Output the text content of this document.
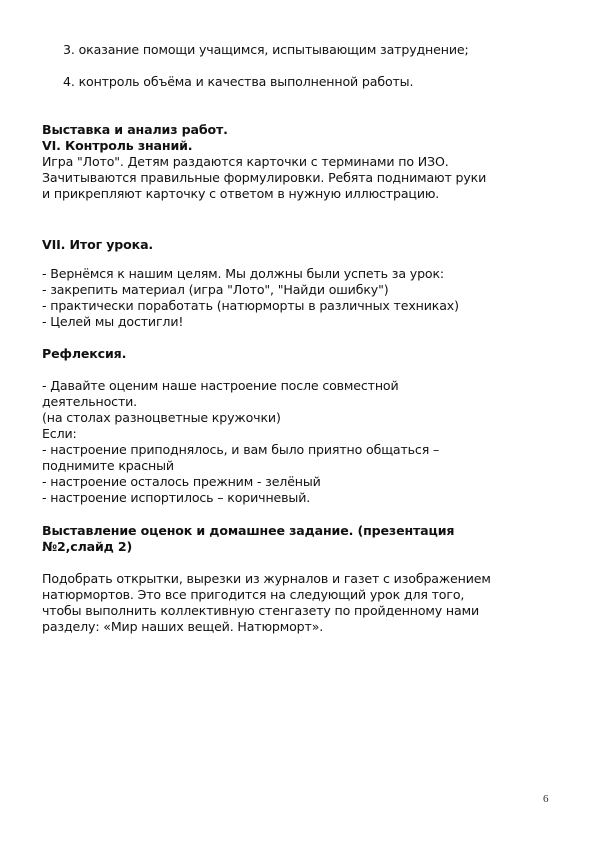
3. оказание помощи учащимся, испытывающим затруднение;
4. контроль объёма и качества выполненной работы.
Выставка и анализ работ.
VI. Контроль знаний.
Игра "Лото". Детям раздаются карточки с терминами по ИЗО.
Зачитываются правильные формулировки. Ребята поднимают руки
и прикрепляют карточку с ответом в нужную иллюстрацию.
VII. Итог урока.
- Вернёмся к нашим целям. Мы должны были успеть за урок:
- закрепить материал (игра "Лото", "Найди ошибку")
- практически поработать (натюрморты в различных техниках)
- Целей мы достигли!
Рефлексия.
- Давайте оценим наше настроение после совместной
деятельности.
(на столах разноцветные кружочки)
Если:
- настроение приподнялось, и вам было приятно общаться –
поднимите красный
- настроение осталось прежним - зелёный
- настроение испортилось – коричневый.
Выставление оценок и домашнее задание. (презентация
№2,слайд 2)
Подобрать открытки, вырезки из журналов и газет с изображением
натюрмортов. Это все пригодится на следующий урок для того,
чтобы выполнить коллективную стенгазету по пройденному нами
разделу: «Мир наших вещей. Натюрморт».
6
